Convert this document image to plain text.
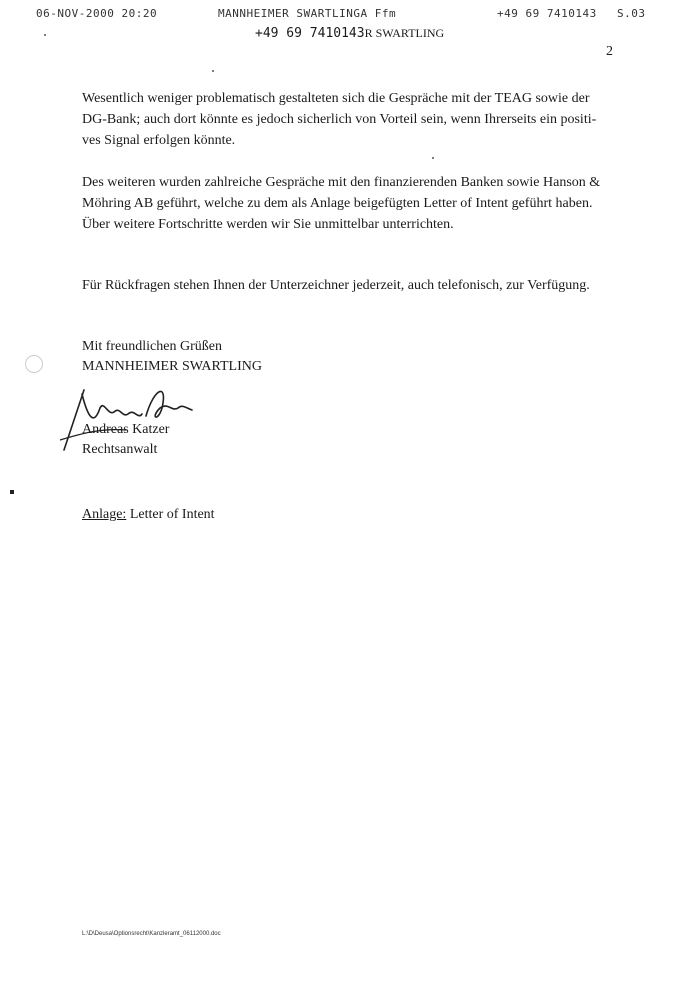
06-NOV-2000 20:20	MANNHEIMER SWARTLINGA Ffm	+49 69 7410143 S.03
+49 69 7410143R SWARTLING
2
Wesentlich weniger problematisch gestalteten sich die Gespräche mit der TEAG sowie der
DG-Bank; auch dort könnte es jedoch sicherlich von Vorteil sein, wenn Ihrerseits ein positi-
ves Signal erfolgen könnte.
Des weiteren wurden zahlreiche Gespräche mit den finanzierenden Banken sowie Hanson &
Möhring AB geführt, welche zu dem als Anlage beigefügten Letter of Intent geführt haben.
Über weitere Fortschritte werden wir Sie unmittelbar unterrichten.
Für Rückfragen stehen Ihnen der Unterzeichner jederzeit, auch telefonisch, zur Verfügung.
Mit freundlichen Grüßen
MANNHEIMER SWARTLING
Andreas Katzer
Rechtsanwalt
Anlage: Letter of Intent
L:\D\Deusa\Optionsrecht\Kanzleramt_06112000.doc
